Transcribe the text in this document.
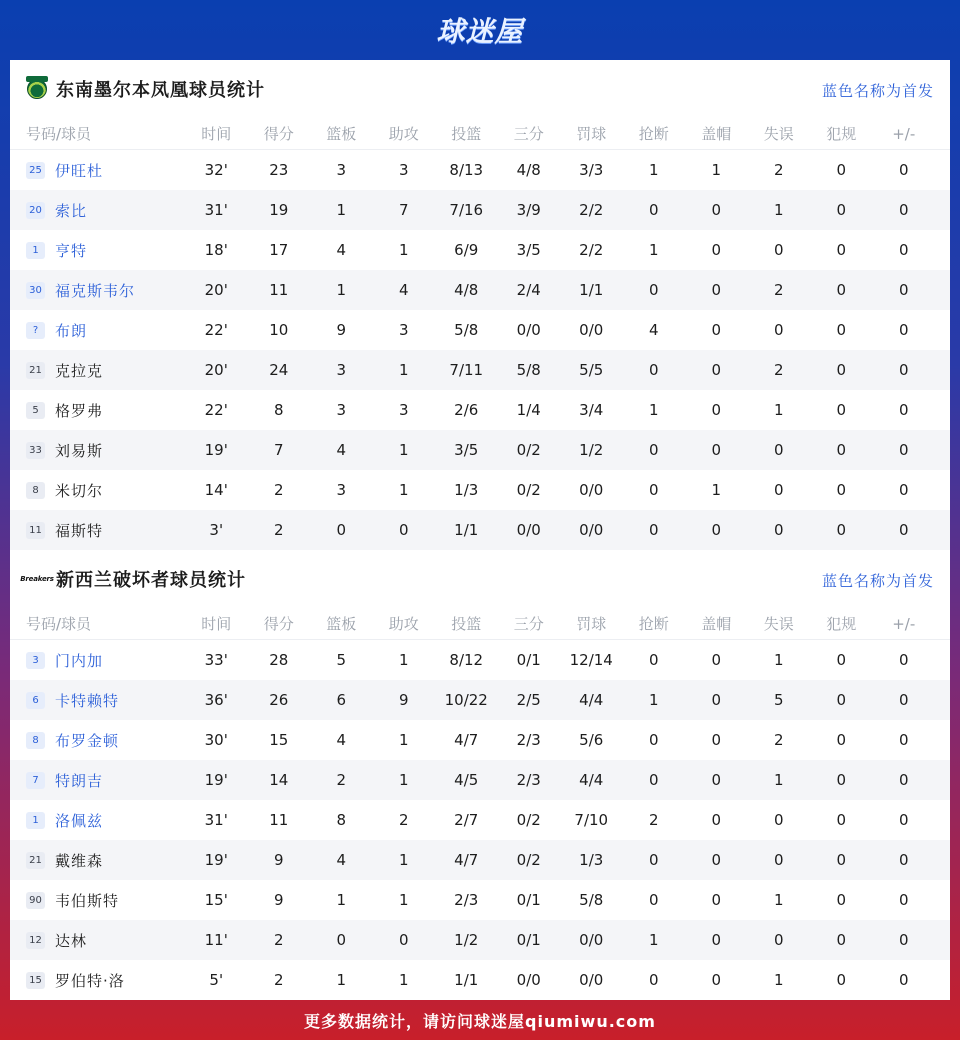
球迷屋
东南墨尔本凤凰球员统计	蓝色名称为首发
号码/球员	时间	得分	篮板	助攻	投篮	三分	罚球	抢断	盖帽	失误	犯规	+/-
25 伊旺杜	32'	23	3	3	8/13	4/8	3/3	1	1	2	0	0
20 索比	31'	19	1	7	7/16	3/9	2/2	0	0	1	0	0
1	亨特	18'	17	4	1	6/9	3/5	2/2	1	0	0	0	0
30 福克斯韦尔	20'	11	1	4	4/8	2/4	1/1	0	0	2	0	0
?	布朗	22'	10	9	3	5/8	0/0	0/0	4	0	0	0	0
21 克拉克	20'	24	3	1	7/11	5/8	5/5	0	0	2	0	0
5	格罗弗	22'	8	3	3	2/6	1/4	3/4	1	0	1	0	0
33 刘易斯	19'	7	4	1	3/5	0/2	1/2	0	0	0	0	0
8	米切尔	14'	2	3	1	1/3	0/2	0/0	0	1	0	0	0
11 福斯特	3'	2	0	0	1/1	0/0	0/0	0	0	0	0	0
Breakers 新西兰破坏者球员统计	蓝色名称为首发
号码/球员	时间	得分	篮板	助攻	投篮	三分	罚球	抢断	盖帽	失误	犯规	+/-
3	门内加	33'	28	5	1	8/12	0/1	12/14	0	0	1	0	0
6	卡特赖特	36'	26	6	9	10/22	2/5	4/4	1	0	5	0	0
8	布罗金顿	30'	15	4	1	4/7	2/3	5/6	0	0	2	0	0
7	特朗吉	19'	14	2	1	4/5	2/3	4/4	0	0	1	0	0
1	洛佩兹	31'	11	8	2	2/7	0/2	7/10	2	0	0	0	0
21 戴维森	19'	9	4	1	4/7	0/2	1/3	0	0	0	0	0
90 韦伯斯特	15'	9	1	1	2/3	0/1	5/8	0	0	1	0	0
12 达林	11'	2	0	0	1/2	0/1	0/0	1	0	0	0	0
15 罗伯特·洛	5'	2	1	1	1/1	0/0	0/0	0	0	1	0	0
更多数据统计，请访问球迷屋qiumiwu.com
